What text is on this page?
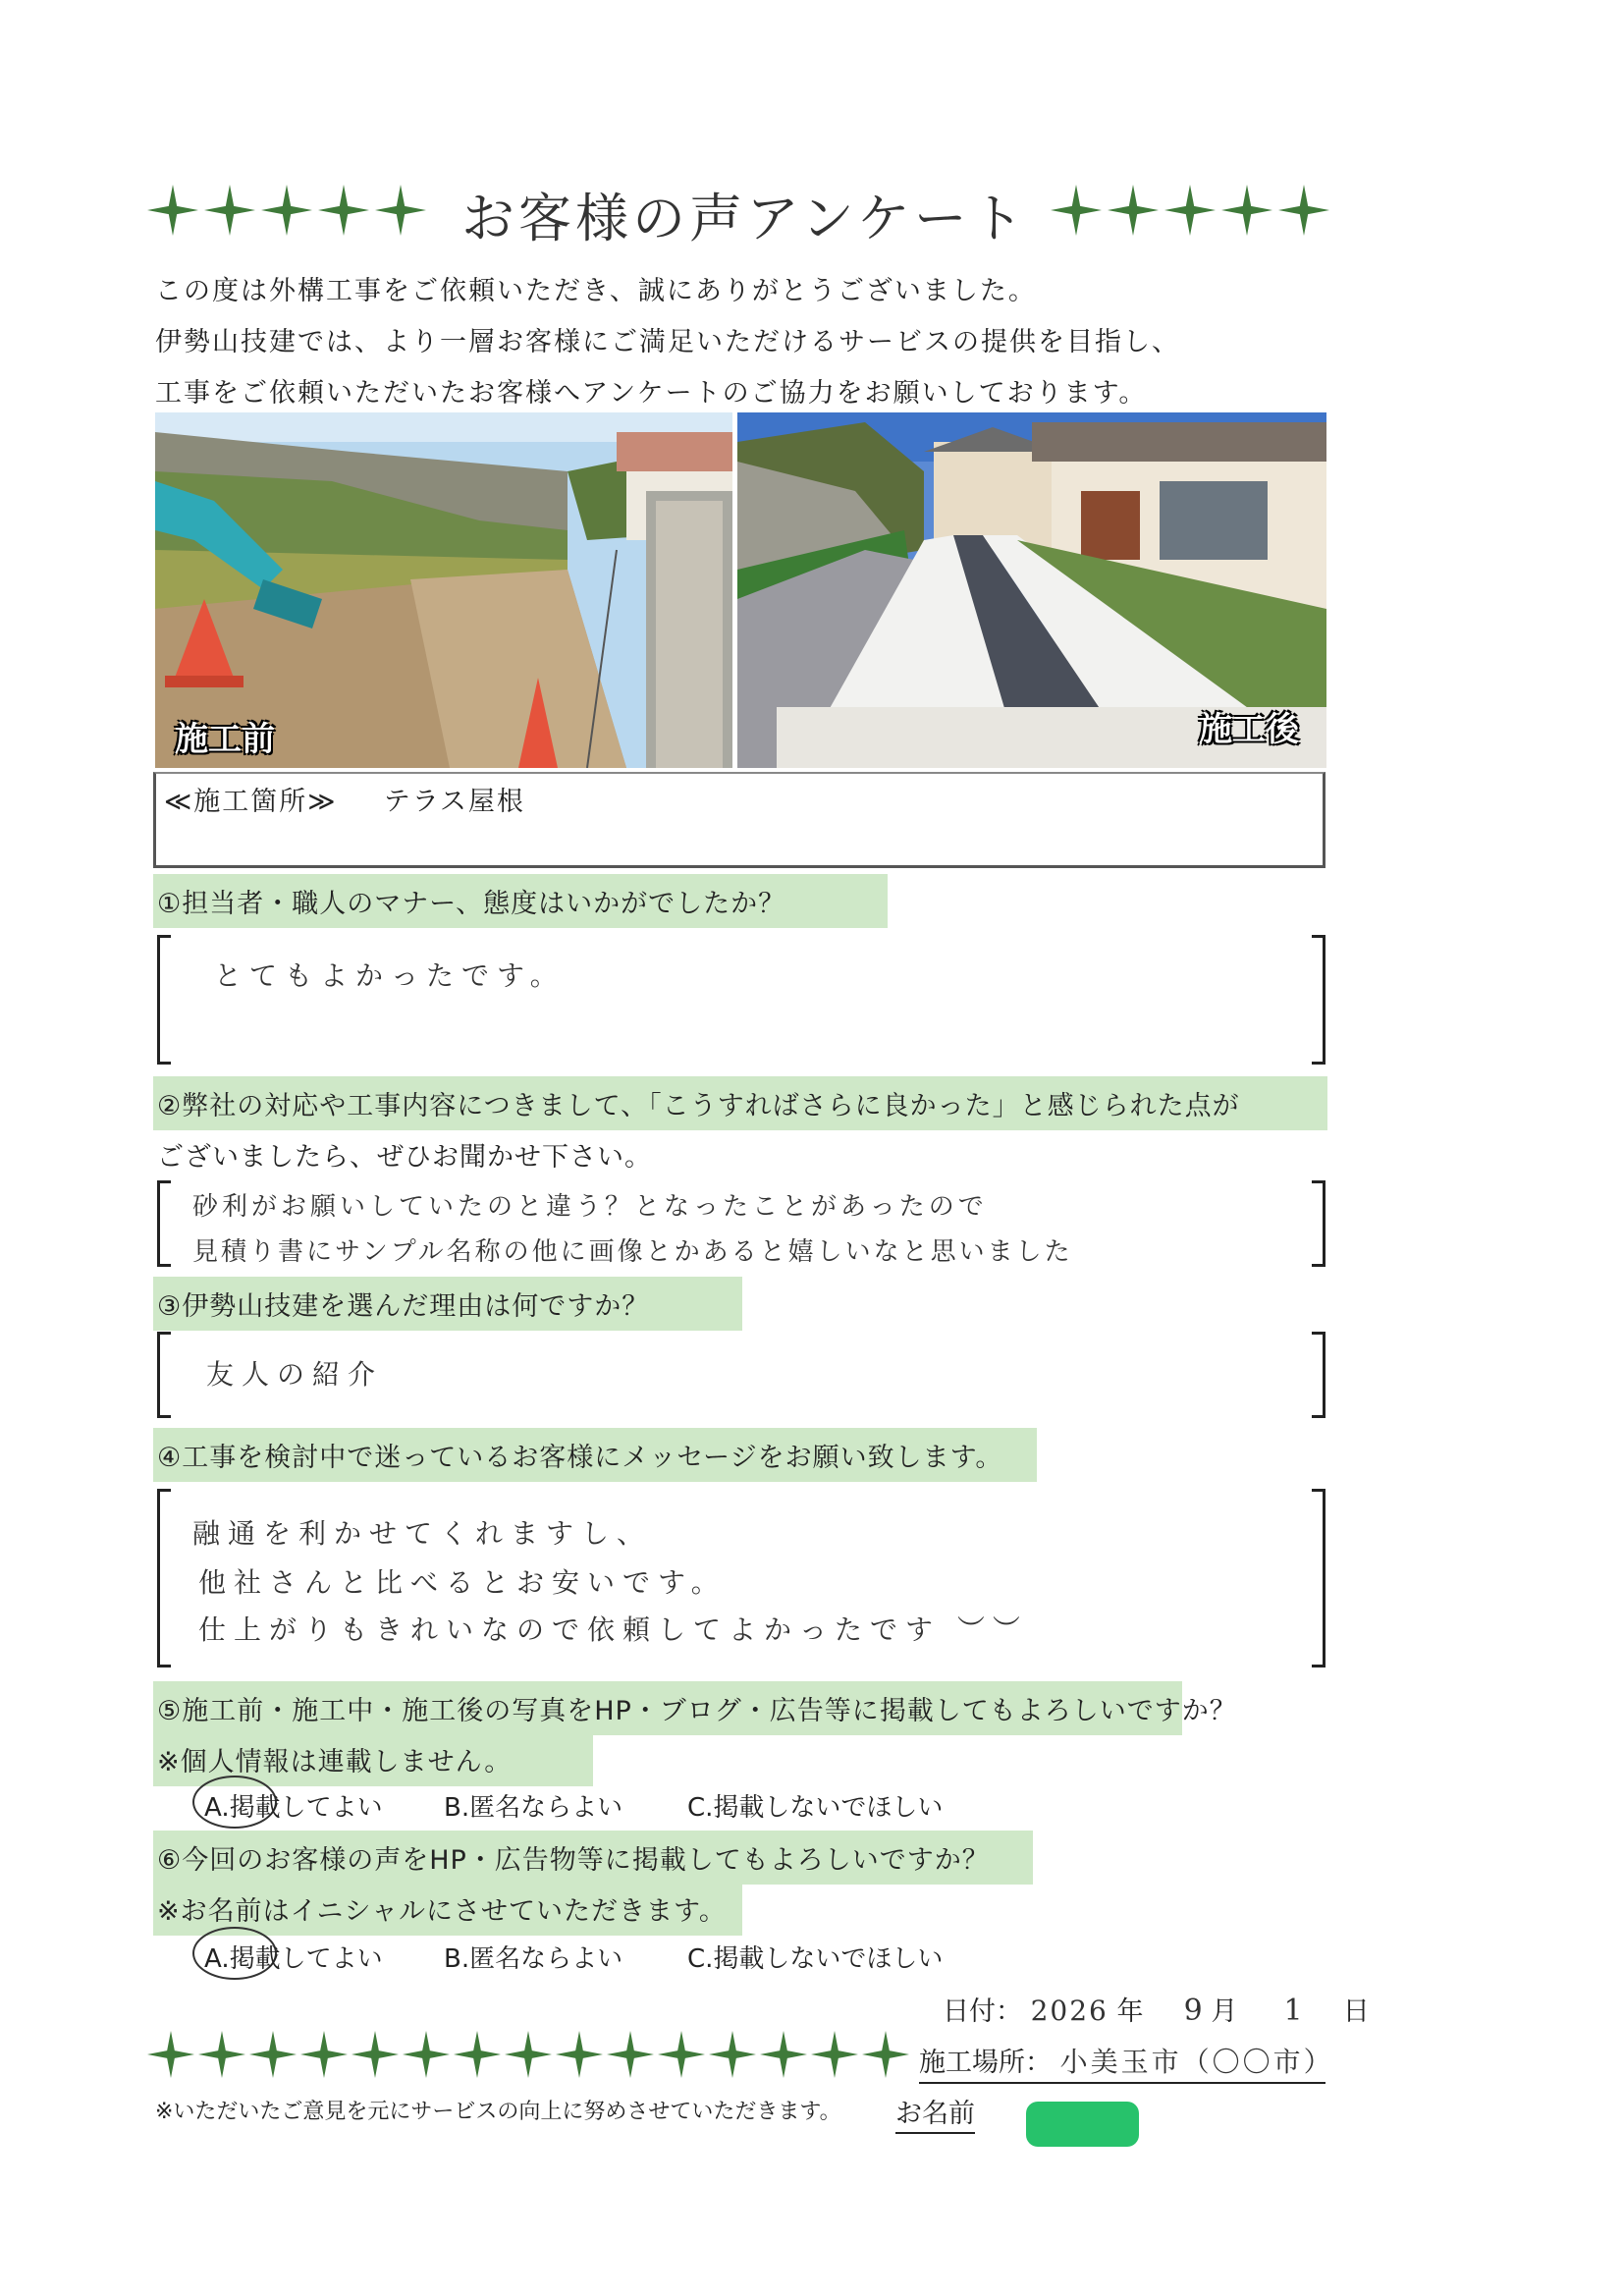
お客様の声アンケート
この度は外構工事をご依頼いただき、誠にありがとうございました。
伊勢山技建では、より一層お客様にご満足いただけるサービスの提供を目指し、
工事をご依頼いただいたお客様へアンケートのご協力をお願いしております。
施工前	施工後
≪施工箇所≫ テラス屋根
①担当者・職人のマナー、態度はいかがでしたか？
とてもよかったです。
②弊社の対応や工事内容につきまして、「こうすればさらに良かった」と感じられた点が
ございましたら、ぜひお聞かせ下さい。
砂利がお願いしていたのと違う？となったことがあったので
見積り書にサンプル名称の他に画像とかあると嬉しいなと思いました
③伊勢山技建を選んだ理由は何ですか？
友人の紹介
④工事を検討中で迷っているお客様にメッセージをお願い致します。
融通を利かせてくれますし、
他社さんと比べるとお安いです。
仕上がりもきれいなので依頼してよかったです ︶︶
⑤施工前・施工中・施工後の写真をHP・ブログ・広告等に掲載してもよろしいですか？
※個人情報は連載しません。
A.掲載してよい B.匿名ならよい	C.掲載しないでほしい
⑥今回のお客様の声をHP・広告物等に掲載してもよろしいですか？
※お名前はイニシャルにさせていただきます。
A.掲載してよい B.匿名ならよい	C.掲載しないでほしい
日付： 2026 年 9 月 1 日
施工場所： 小美玉市（〇〇市）
※いただいたご意見を元にサービスの向上に努めさせていただきます。 お名前
